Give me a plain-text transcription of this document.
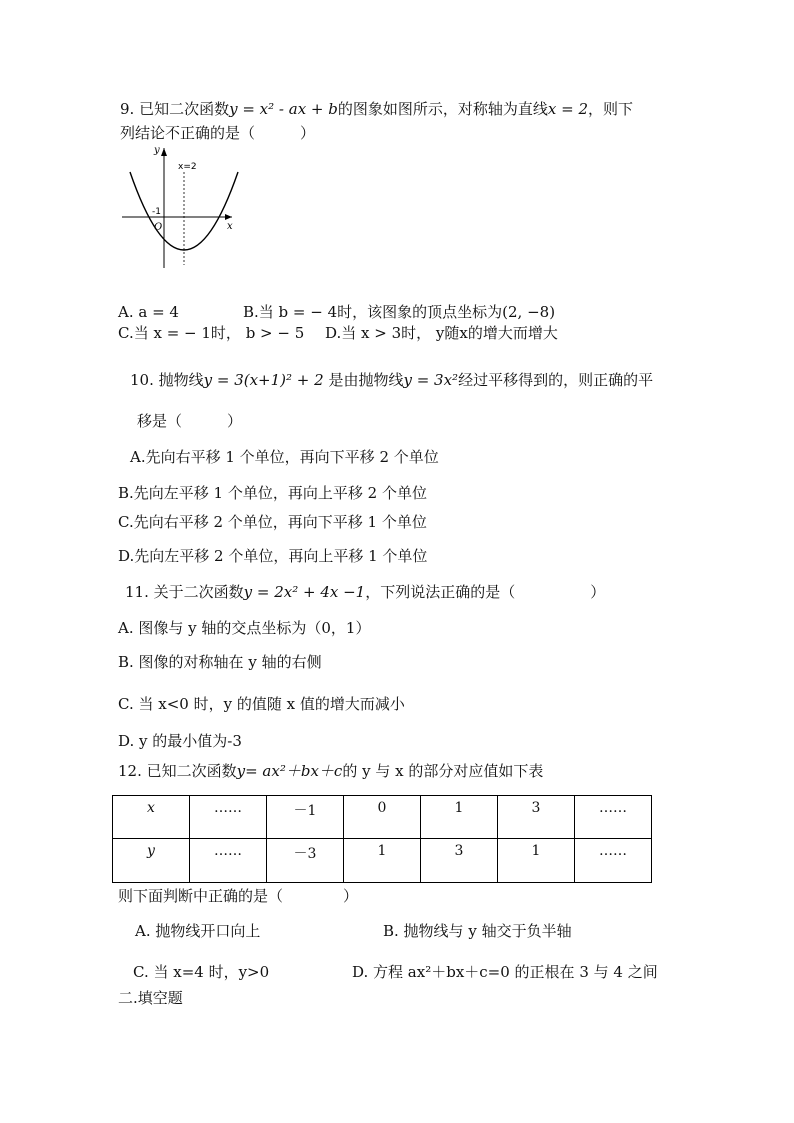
9. 已知二次函数y = x² - ax + b的图象如图所示，对称轴为直线x = 2，则下
列结论不正确的是（　　　）
y
x
x=2
-1
O
A. a = 4	B.当 b = − 4时，该图象的顶点坐标为(2, −8)
C.当 x = − 1时， b > − 5 D.当 x > 3时， y随x的增大而增大
10. 抛物线y = 3(x+1)² + 2 是由抛物线y = 3x²经过平移得到的，则正确的平
移是（　　　）
A.先向右平移 1 个单位，再向下平移 2 个单位
B.先向左平移 1 个单位，再向上平移 2 个单位
C.先向右平移 2 个单位，再向下平移 1 个单位
D.先向左平移 2 个单位，再向上平移 1 个单位
11. 关于二次函数y = 2x² + 4x −1，下列说法正确的是（　　　　　）
A. 图像与 y 轴的交点坐标为（0，1）
B. 图像的对称轴在 y 轴的右侧
C. 当 x<0 时，y 的值随 x 值的增大而减小
D. y 的最小值为-3
12. 已知二次函数y= ax²＋bx＋c的 y 与 x 的部分对应值如下表
x	……	－1	0	1	3	……
y	……	－3	1	3	1	……
则下面判断中正确的是（　　　　）
A. 抛物线开口向上	B. 抛物线与 y 轴交于负半轴
C. 当 x=4 时，y>0	D. 方程 ax²＋bx＋c=0 的正根在 3 与 4 之间
二.填空题
